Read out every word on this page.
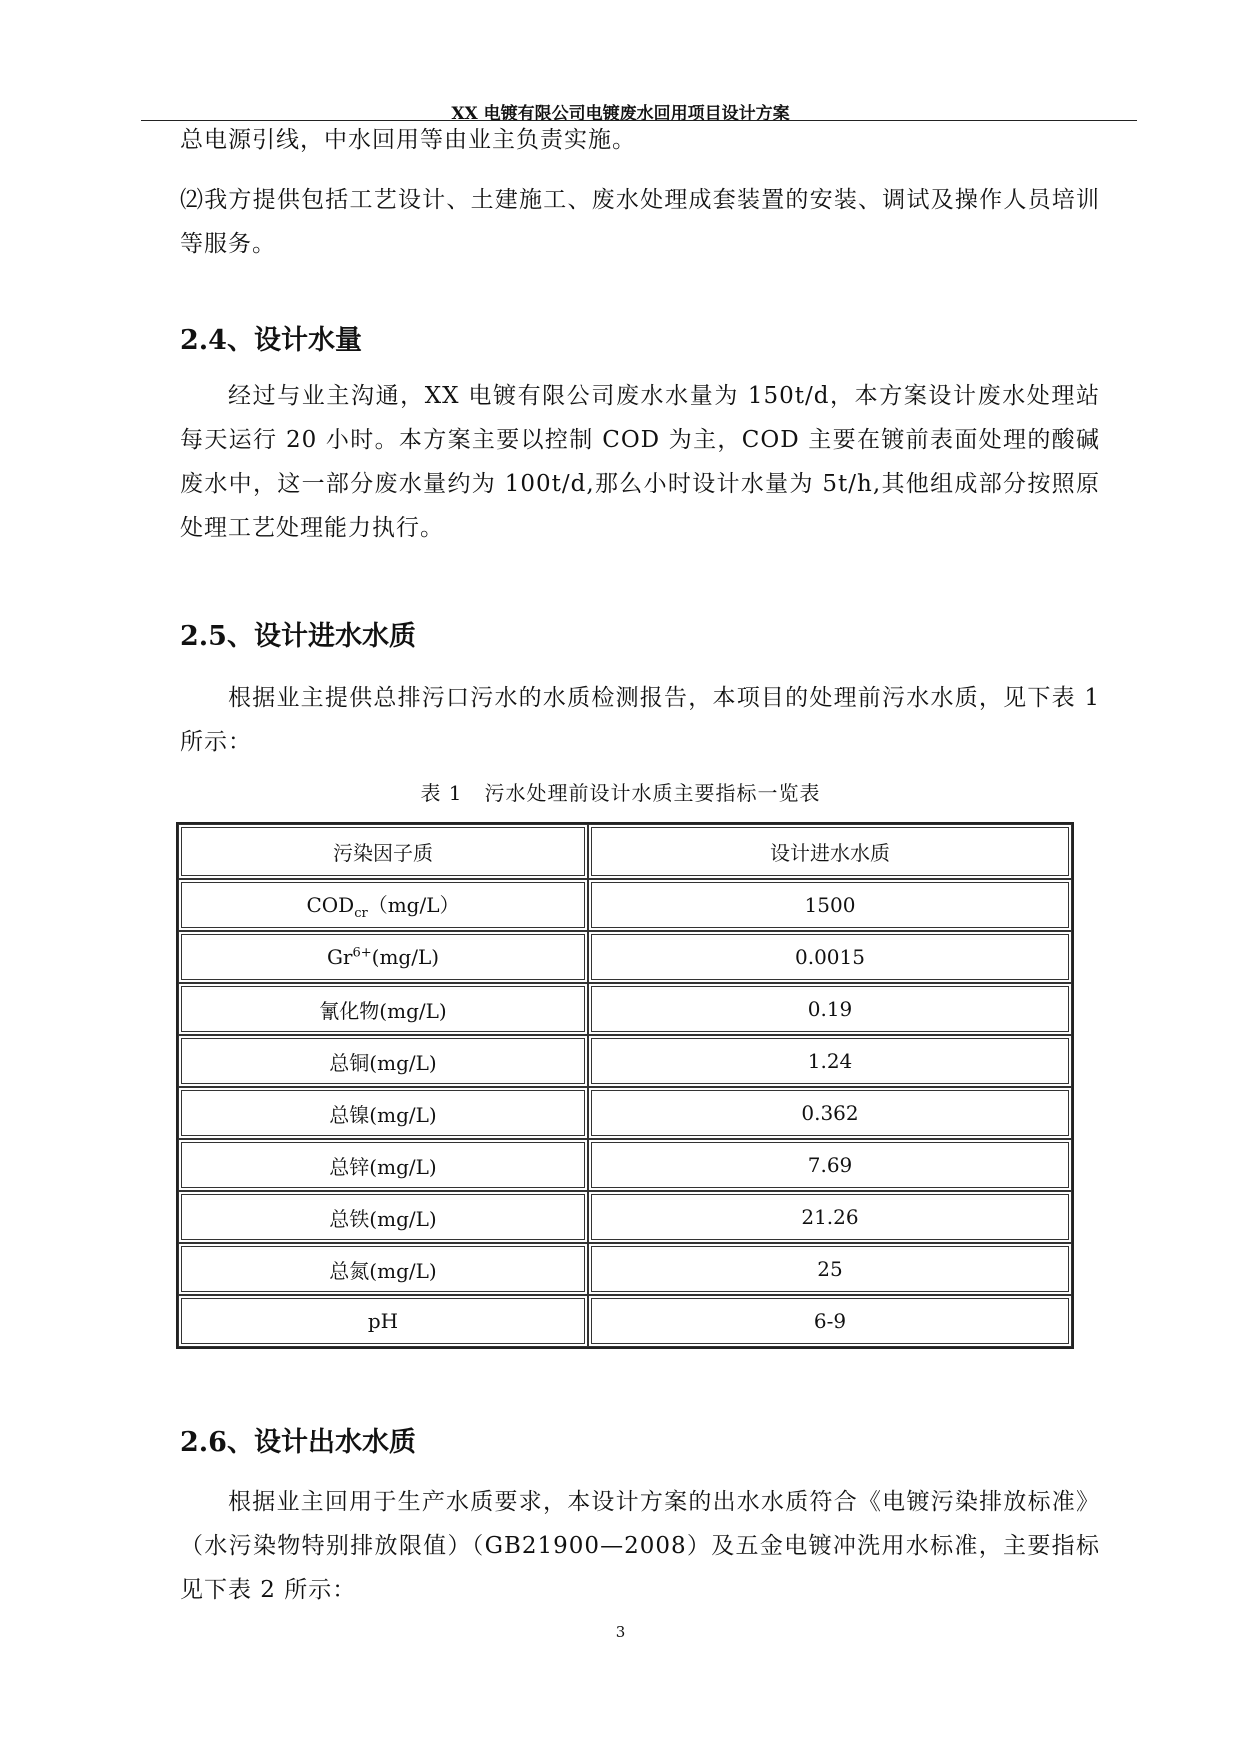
XX 电镀有限公司电镀废水回用项目设计方案

总电源引线，中水回用等由业主负责实施。

⑵我方提供包括工艺设计、土建施工、废水处理成套装置的安装、调试及操作人员培训等服务。

2.4、设计水量

经过与业主沟通，XX 电镀有限公司废水水量为 150t/d，本方案设计废水处理站每天运行 20 小时。本方案主要以控制 COD 为主，COD 主要在镀前表面处理的酸碱废水中，这一部分废水量约为 100t/d,那么小时设计水量为 5t/h,其他组成部分按照原处理工艺处理能力执行。

2.5、设计进水水质

根据业主提供总排污口污水的水质检测报告，本项目的处理前污水水质，见下表 1 所示：

表 1 污水处理前设计水质主要指标一览表
污染因子质	设计进水水质
$COD_{cr}(mg/L)$	1500
$Gr^{6+}(mg/L)$	0.0015
氰化物(mg/L)	0.19
总铜(mg/L)	1.24
总镍(mg/L)	0.362
总锌(mg/L)	7.69
总铁(mg/L)	21.26
总氮(mg/L)	25
pH	6-9
2.6、设计出水水质

根据业主回用于生产水质要求，本设计方案的出水水质符合《电镀污染排放标准》（水污染物特别排放限值）（GB21900—2008）及五金电镀冲洗用水标准，主要指标见下表 2 所示：

3
